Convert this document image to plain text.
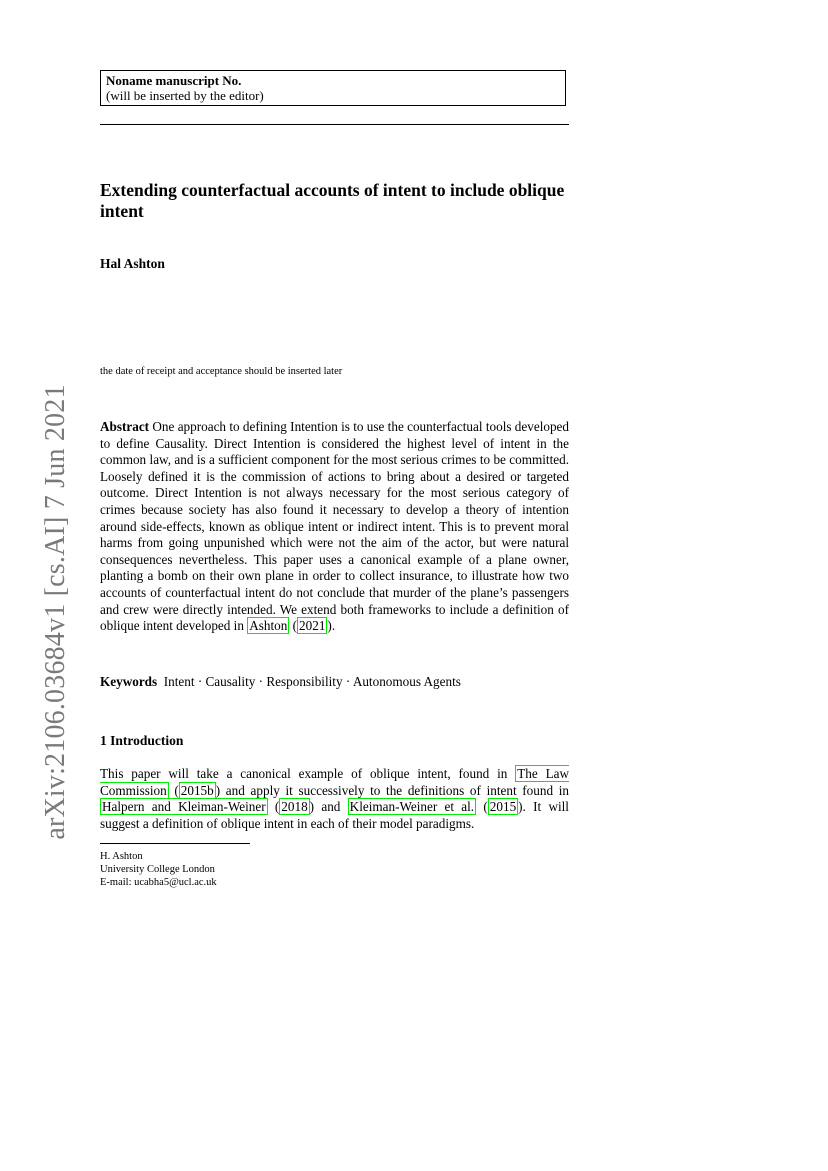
Noname manuscript No.
(will be inserted by the editor)
Extending counterfactual accounts of intent to include oblique intent
Hal Ashton
the date of receipt and acceptance should be inserted later

Abstract One approach to defining Intention is to use the counterfactual tools developed to define Causality. Direct Intention is considered the highest level of intent in the common law, and is a sufficient component for the most serious crimes to be committed. Loosely defined it is the commission of actions to bring about a desired or targeted outcome. Direct Intention is not always necessary for the most serious category of crimes because society has also found it necessary to develop a theory of intention around side-effects, known as oblique intent or indirect intent. This is to prevent moral harms from going unpunished which were not the aim of the actor, but were natural consequences nevertheless. This paper uses a canonical example of a plane owner, planting a bomb on their own plane in order to collect insurance, to illustrate how two accounts of counterfactual intent do not conclude that murder of the plane’s passengers and crew were directly intended. We extend both frameworks to include a definition of oblique intent developed in Ashton ( 2021 ).

Keywords Intent · Causality · Responsibility · Autonomous Agents
1 Introduction

This paper will take a canonical example of oblique intent, found in The Law Commission ( 2015b ) and apply it successively to the definitions of intent found in Halpern and Kleiman-Weiner ( 2018 ) and Kleiman-Weiner et al. ( 2015 ). It will suggest a definition of oblique intent in each of their model paradigms.

H. Ashton
University College London
E-mail: ucabha5@ucl.ac.uk
arXiv:2106.03684v1 [cs.AI] 7 Jun 2021
